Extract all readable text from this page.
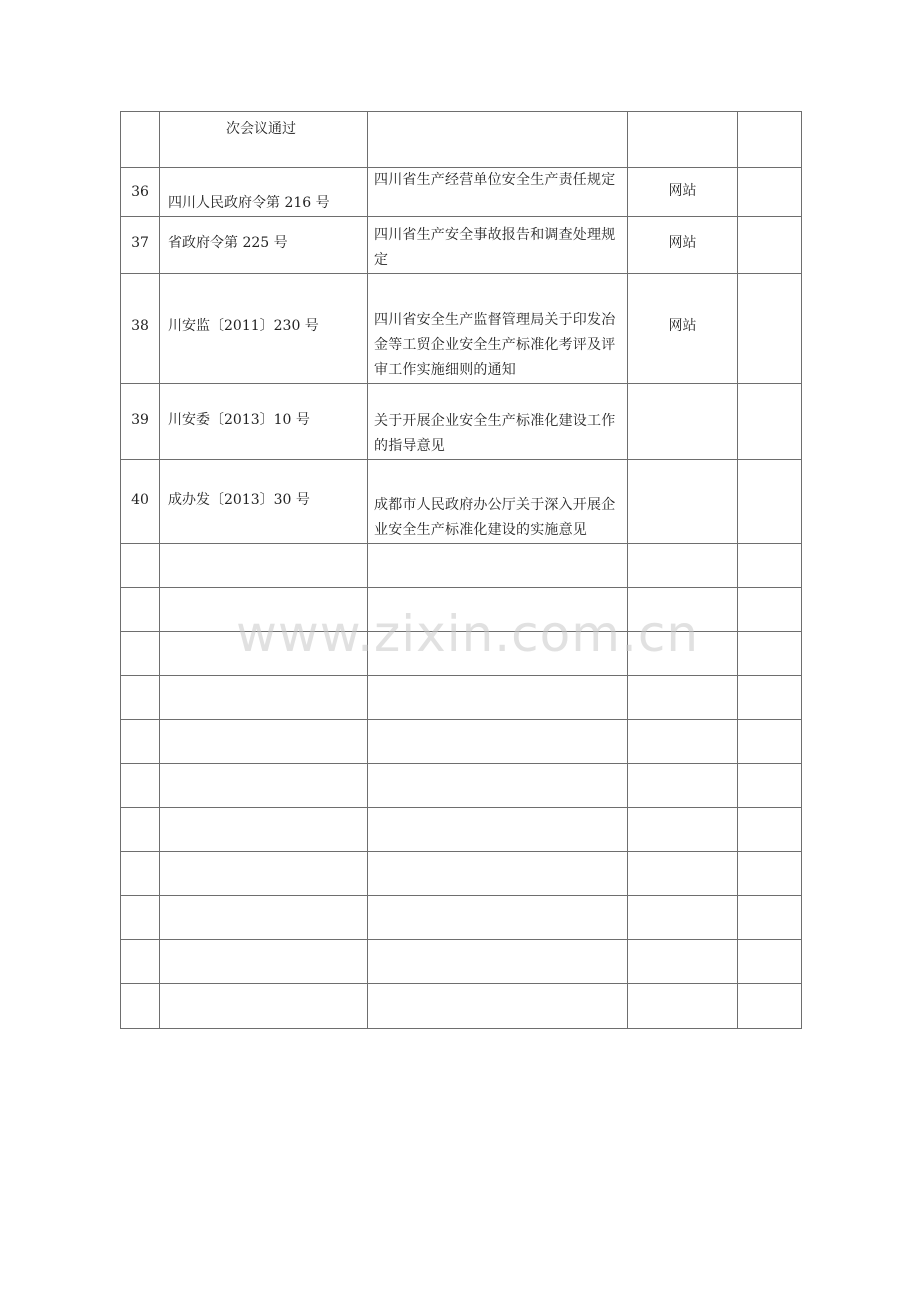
	次会议通过			
36	四川人民政府令第 216 号	四川省生产经营单位安全生产责任规定	网站	
37	省政府令第 225 号	四川省生产安全事故报告和调查处理规定	网站	
38	川安监〔2011〕230 号	四川省安全生产监督管理局关于印发冶金等工贸企业安全生产标准化考评及评审工作实施细则的通知	网站	
39	川安委〔2013〕10 号	关于开展企业安全生产标准化建设工作的指导意见		
40	成办发〔2013〕30 号	成都市人民政府办公厅关于深入开展企业安全生产标准化建设的实施意见		

www.zixin.com.cn
